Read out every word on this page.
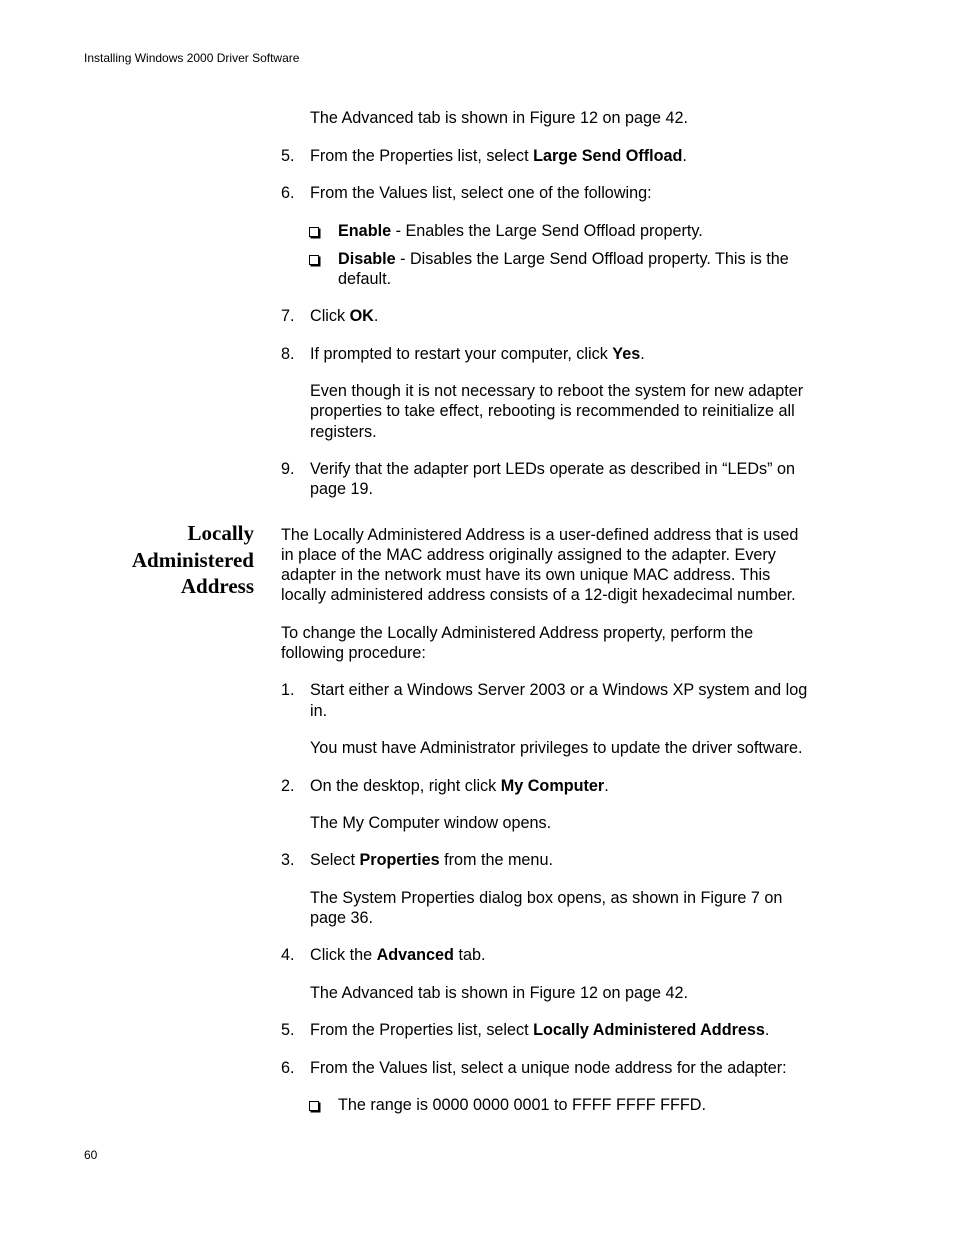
Installing Windows 2000 Driver Software
The Advanced tab is shown in Figure 12 on page 42.
5. From the Properties list, select Large Send Offload.
6. From the Values list, select one of the following:
Enable - Enables the Large Send Offload property.
Disable - Disables the Large Send Offload property. This is the
default.
7. Click OK.
8. If prompted to restart your computer, click Yes.
Even though it is not necessary to reboot the system for new adapter
properties to take effect, rebooting is recommended to reinitialize all
registers.
9. Verify that the adapter port LEDs operate as described in “LEDs” on
page 19.
Locally
Administered
Address
The Locally Administered Address is a user-defined address that is used
in place of the MAC address originally assigned to the adapter. Every
adapter in the network must have its own unique MAC address. This
locally administered address consists of a 12-digit hexadecimal number.
To change the Locally Administered Address property, perform the
following procedure:
1. Start either a Windows Server 2003 or a Windows XP system and log
in.
You must have Administrator privileges to update the driver software.
2. On the desktop, right click My Computer.
The My Computer window opens.
3. Select Properties from the menu.
The System Properties dialog box opens, as shown in Figure 7 on
page 36.
4. Click the Advanced tab.
The Advanced tab is shown in Figure 12 on page 42.
5. From the Properties list, select Locally Administered Address.
6. From the Values list, select a unique node address for the adapter:
The range is 0000 0000 0001 to FFFF FFFF FFFD.
60
